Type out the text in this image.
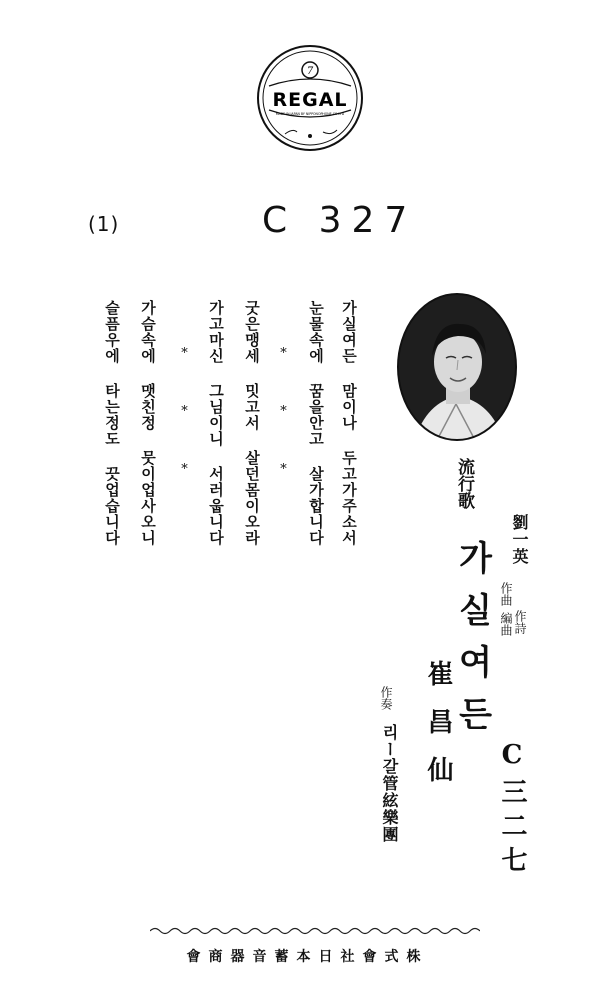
7
REGAL
MADE IN JAPAN BY NIPPONOPHONE CO LTD
(1)	C 327
가실여든 맘이나 두고가주소서
눈물속에 꿈을안고 살가합니다
*
*
*
굿은맹세 밋고서 살던몸이오라
가고마신 그님이니 서러웁니다
*
*
*
가슴속에 맷친정 뭇이업사오니
슬픔우에 타는정도 끗업습니다	流行歌
가실여든
劉一英
作詩
作曲
編曲
崔昌仙
作奏
리ー갈管絃樂團	C三二七
會商器音蓄本日社會式株
